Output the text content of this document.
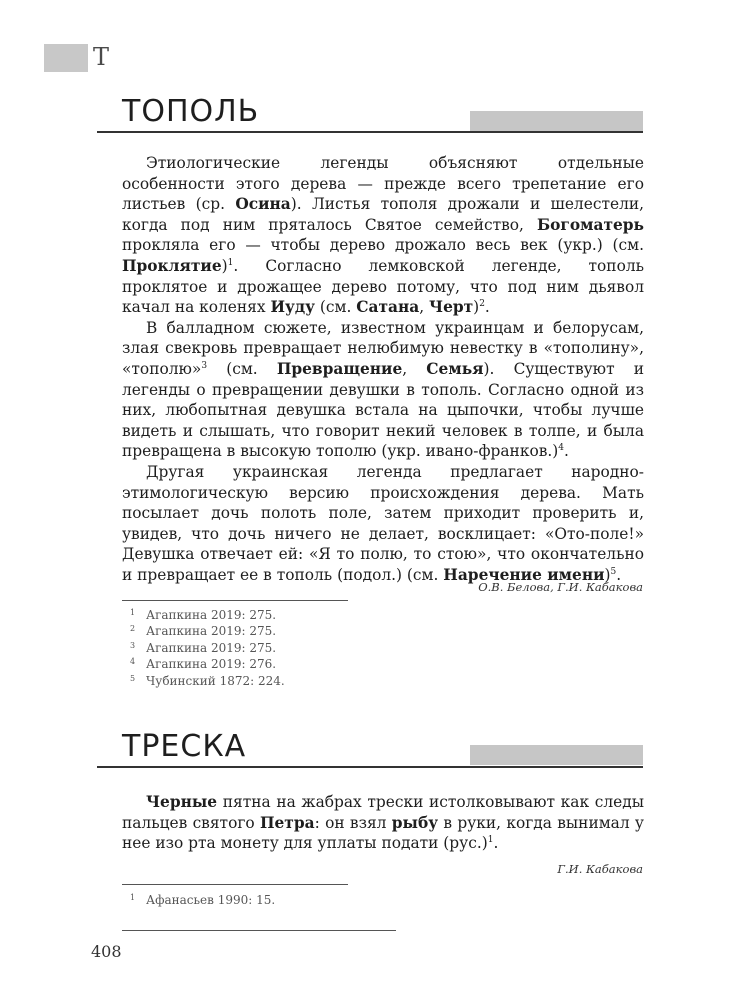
Т
ТОПОЛЬ

Этиологические легенды объясняют отдельные особенности этого дерева — прежде всего трепетание его листьев (ср. Осина). Листья тополя дрожали и шелестели, когда под ним пряталось Святое семейство, Богоматерь прокляла его — чтобы дерево дрожало весь век (укр.) (см. Проклятие)$^1$. Согласно лемковской легенде, тополь проклятое и дрожащее дерево потому, что под ним дьявол качал на коленях Иуду (см. Сатана, Черт)$^2$.

В балладном сюжете, известном украинцам и белорусам, злая свекровь превращает нелюбимую невестку в «тополину», «тополю»$^3$ (см. Превращение, Семья). Существуют и легенды о превращении девушки в тополь. Согласно одной из них, любопытная девушка встала на цыпочки, чтобы лучше видеть и слышать, что говорит некий человек в толпе, и была превращена в высокую тополю (укр. ивано-франков.)$^4$.

Другая украинская легенда предлагает народно-этимологическую версию происхождения дерева. Мать посылает дочь полоть поле, затем приходит проверить и, увидев, что дочь ничего не делает, восклицает: «Ото-поле!» Девушка отвечает ей: «Я то полю, то стою», что окончательно и превращает ее в тополь (подол.) (см. Наречение имени)$^5$.

О.В. Белова, Г.И. Кабакова
1 Агапкина 2019: 275.
2 Агапкина 2019: 275.
3 Агапкина 2019: 275.
4 Агапкина 2019: 276.
5 Чубинский 1872: 224.
ТРЕСКА

Черные пятна на жабрах трески истолковывают как следы пальцев святого Петра: он взял рыбу в руки, когда вынимал у нее изо рта монету для уплаты подати $(рус.)^1$.

Г.И. Кабакова
1 Афанасьев 1990: 15.
408
